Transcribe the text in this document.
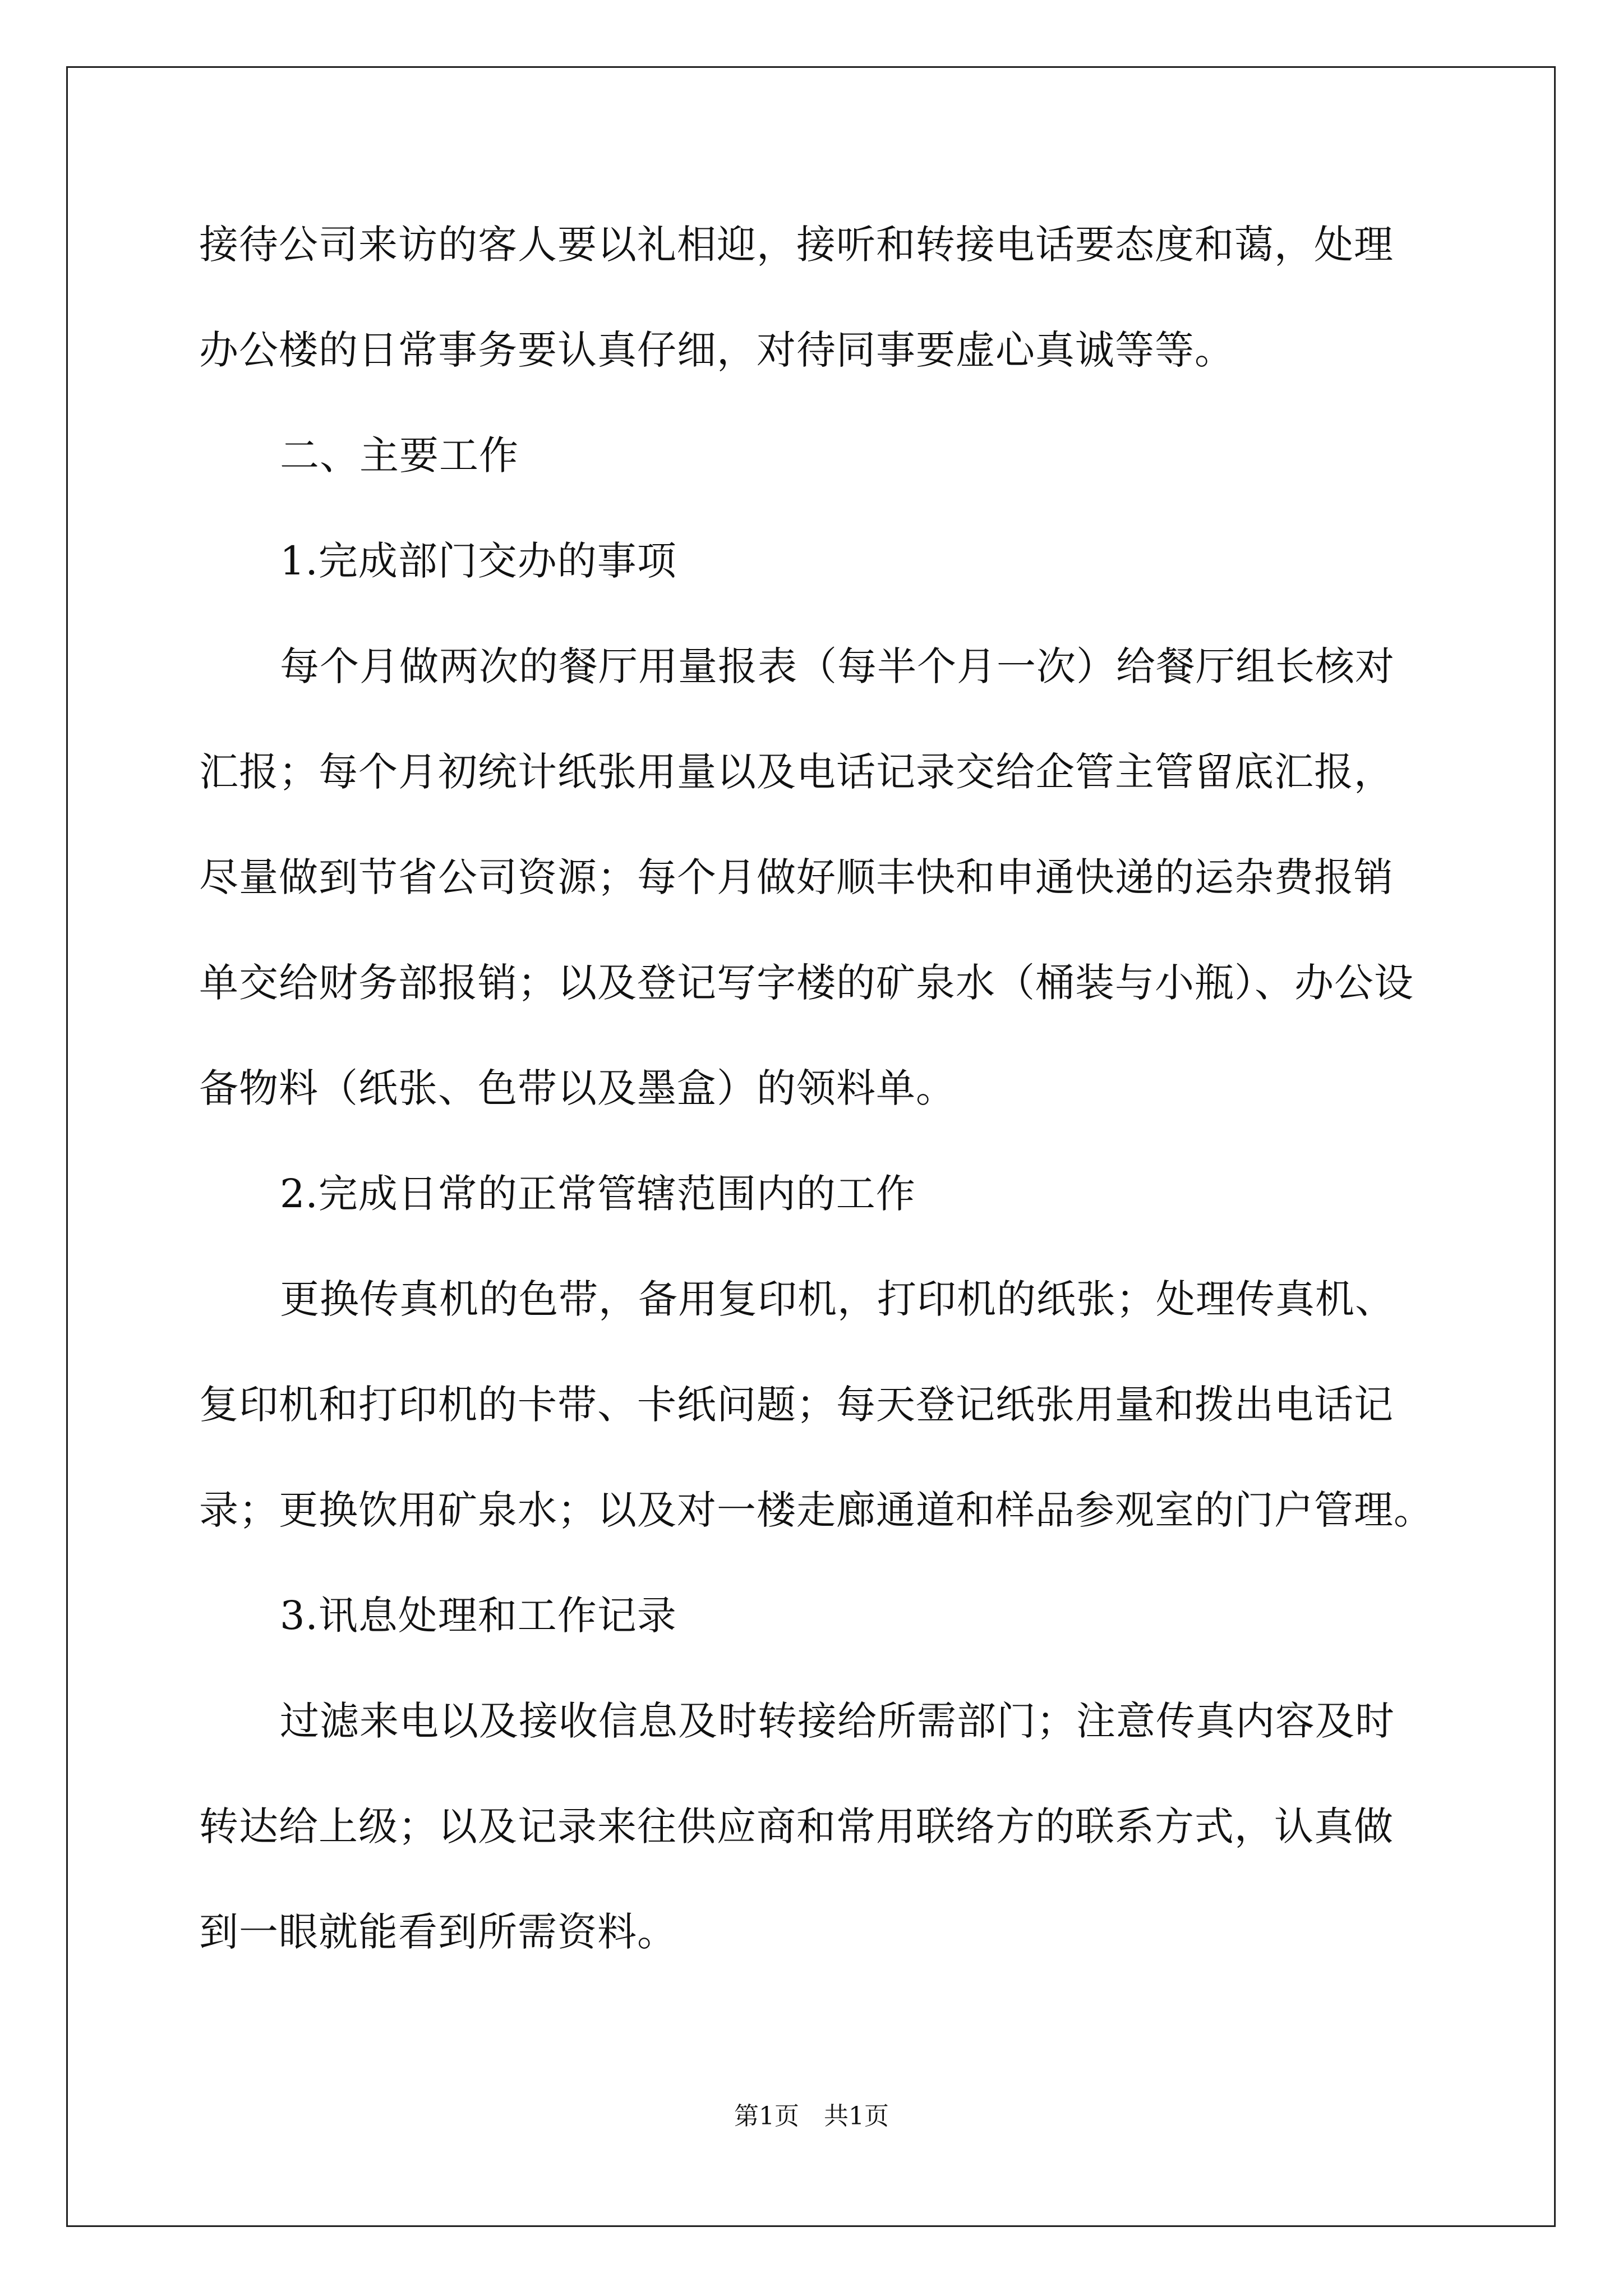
接待公司来访的客人要以礼相迎，接听和转接电话要态度和蔼，处理
办公楼的日常事务要认真仔细，对待同事要虚心真诚等等。
二、主要工作
1.完成部门交办的事项
每个月做两次的餐厅用量报表（每半个月一次）给餐厅组长核对
汇报；每个月初统计纸张用量以及电话记录交给企管主管留底汇报，
尽量做到节省公司资源；每个月做好顺丰快和申通快递的运杂费报销
单交给财务部报销；以及登记写字楼的矿泉水（桶装与小瓶）、办公设
备物料（纸张、色带以及墨盒）的领料单。
2.完成日常的正常管辖范围内的工作
更换传真机的色带，备用复印机，打印机的纸张；处理传真机、
复印机和打印机的卡带、卡纸问题；每天登记纸张用量和拨出电话记
录；更换饮用矿泉水；以及对一楼走廊通道和样品参观室的门户管理。
3.讯息处理和工作记录
过滤来电以及接收信息及时转接给所需部门；注意传真内容及时
转达给上级；以及记录来往供应商和常用联络方的联系方式，认真做
到一眼就能看到所需资料。
第1页　共1页
